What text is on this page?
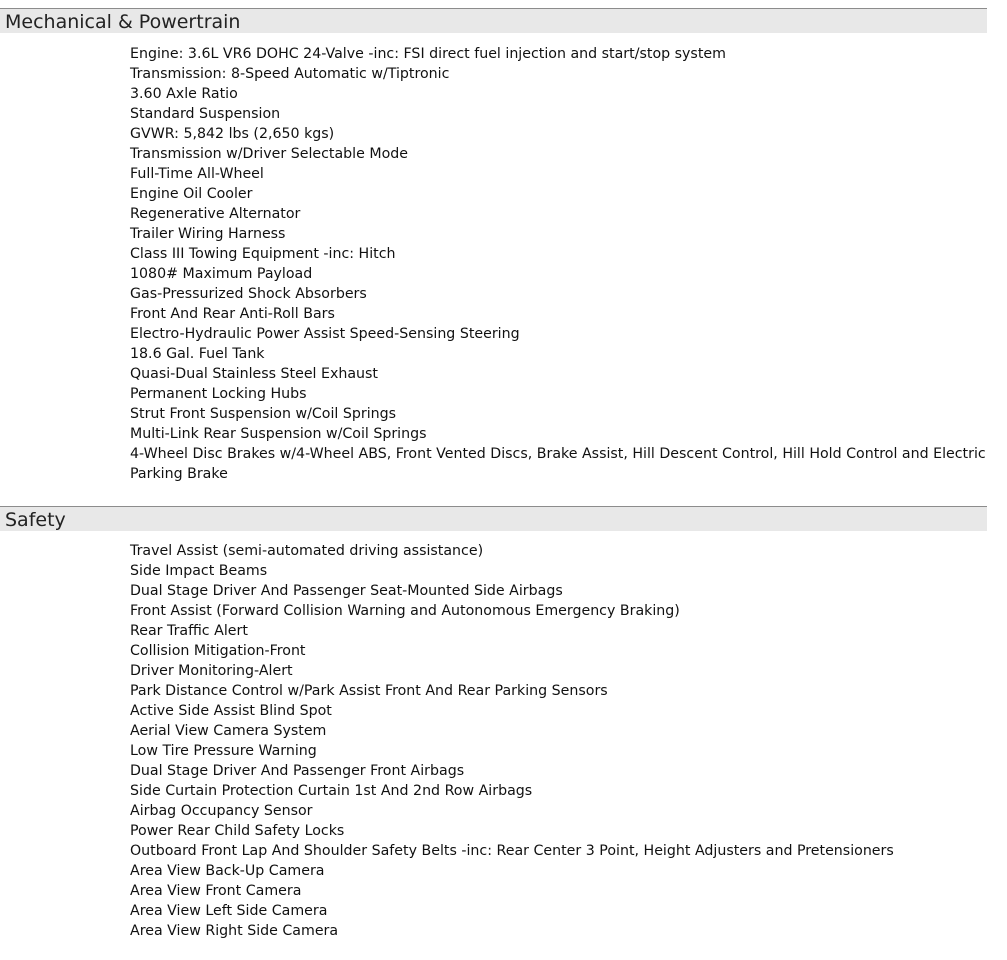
Mechanical & Powertrain
Engine: 3.6L VR6 DOHC 24-Valve -inc: FSI direct fuel injection and start/stop system
Transmission: 8-Speed Automatic w/Tiptronic
3.60 Axle Ratio
Standard Suspension
GVWR: 5,842 lbs (2,650 kgs)
Transmission w/Driver Selectable Mode
Full-Time All-Wheel
Engine Oil Cooler
Regenerative Alternator
Trailer Wiring Harness
Class III Towing Equipment -inc: Hitch
1080# Maximum Payload
Gas-Pressurized Shock Absorbers
Front And Rear Anti-Roll Bars
Electro-Hydraulic Power Assist Speed-Sensing Steering
18.6 Gal. Fuel Tank
Quasi-Dual Stainless Steel Exhaust
Permanent Locking Hubs
Strut Front Suspension w/Coil Springs
Multi-Link Rear Suspension w/Coil Springs
4-Wheel Disc Brakes w/4-Wheel ABS, Front Vented Discs, Brake Assist, Hill Descent Control, Hill Hold Control and Electric Parking Brake
Safety
Travel Assist (semi-automated driving assistance)
Side Impact Beams
Dual Stage Driver And Passenger Seat-Mounted Side Airbags
Front Assist (Forward Collision Warning and Autonomous Emergency Braking)
Rear Traffic Alert
Collision Mitigation-Front
Driver Monitoring-Alert
Park Distance Control w/Park Assist Front And Rear Parking Sensors
Active Side Assist Blind Spot
Aerial View Camera System
Low Tire Pressure Warning
Dual Stage Driver And Passenger Front Airbags
Side Curtain Protection Curtain 1st And 2nd Row Airbags
Airbag Occupancy Sensor
Power Rear Child Safety Locks
Outboard Front Lap And Shoulder Safety Belts -inc: Rear Center 3 Point, Height Adjusters and Pretensioners
Area View Back-Up Camera
Area View Front Camera
Area View Left Side Camera
Area View Right Side Camera
